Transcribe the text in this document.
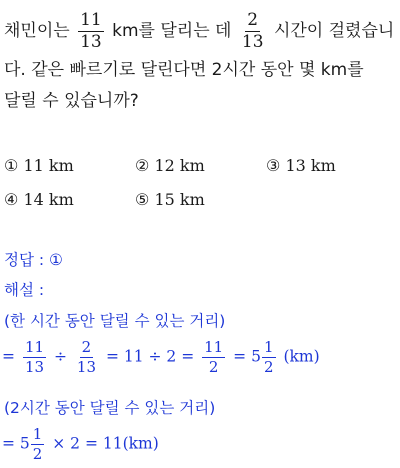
채민이는 $\frac{11}{13}$ km를 달리는 데 $\frac{2}{13}$ 시간이 걸렸습니
다. 같은 빠르기로 달린다면 2시간 동안 몇 km를
달릴 수 있습니까?
① 11 km	② 12 km	③ 13 km
④ 14 km	⑤ 15 km
정답 : ①
해설 :
(한 시간 동안 달릴 수 있는 거리)
= $\frac{11}{13} \div \frac{2}{13} = 11 \div 2 = \frac{11}{2} = 5 \frac{1}{2} (km)$
(2시간 동안 달릴 수 있는 거리)
= $5 \frac{1}{2} \times 2 = 11(km)$
